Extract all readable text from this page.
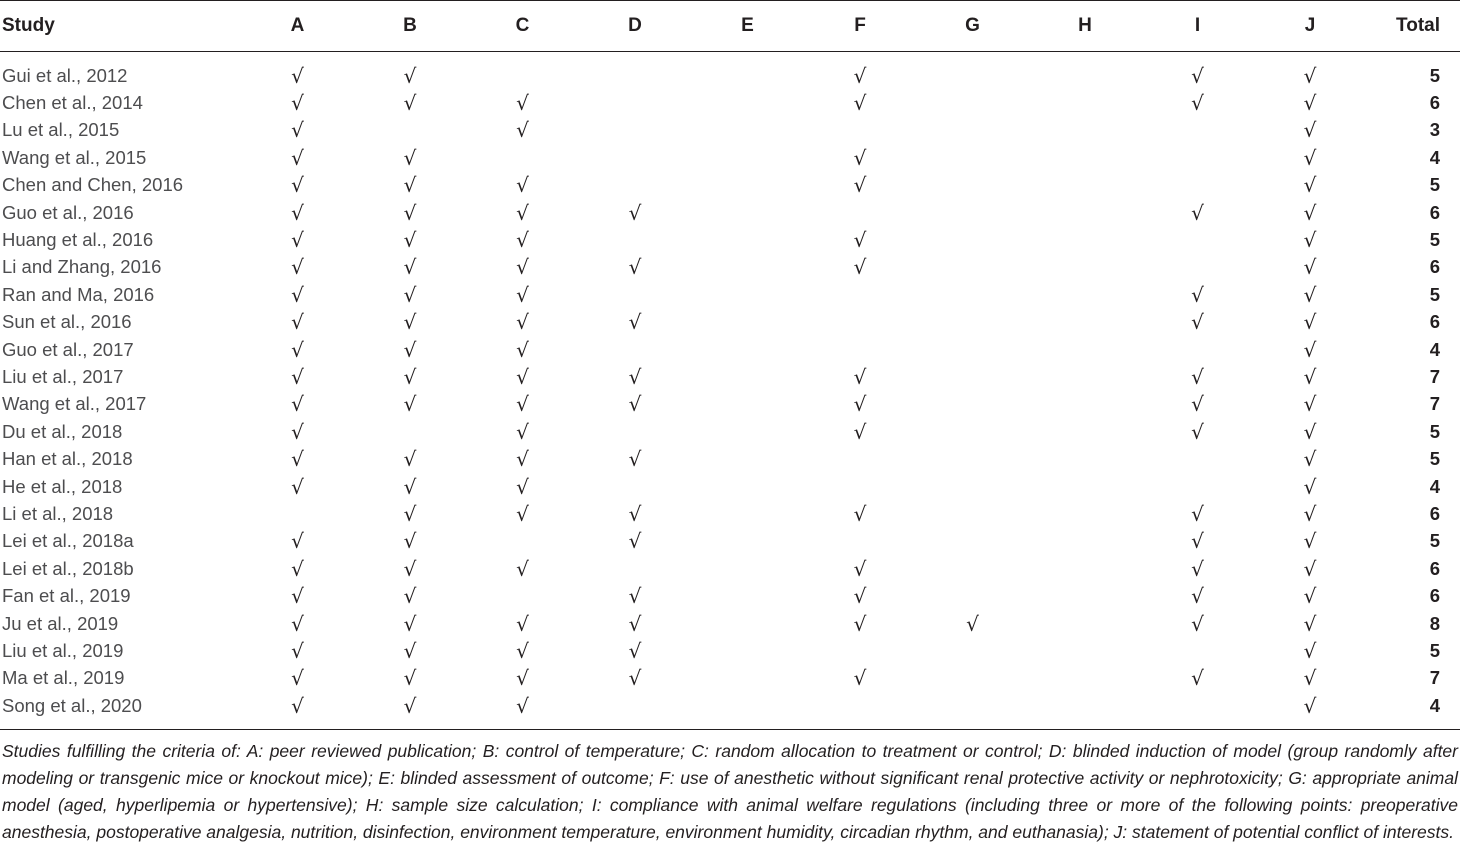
Study	A	B	C	D	E	F	G	H	I	J	Total
Gui et al., 2012	√	√				√			√	√	5
Chen et al., 2014	√	√	√			√			√	√	6
Lu et al., 2015	√		√							√	3
Wang et al., 2015	√	√				√				√	4
Chen and Chen, 2016	√	√	√			√				√	5
Guo et al., 2016	√	√	√	√					√	√	6
Huang et al., 2016	√	√	√			√				√	5
Li and Zhang, 2016	√	√	√	√		√				√	6
Ran and Ma, 2016	√	√	√						√	√	5
Sun et al., 2016	√	√	√	√					√	√	6
Guo et al., 2017	√	√	√							√	4
Liu et al., 2017	√	√	√	√		√			√	√	7
Wang et al., 2017	√	√	√	√		√			√	√	7
Du et al., 2018	√		√			√			√	√	5
Han et al., 2018	√	√	√	√						√	5
He et al., 2018	√	√	√							√	4
Li et al., 2018		√	√	√		√			√	√	6
Lei et al., 2018a	√	√		√					√	√	5
Lei et al., 2018b	√	√	√			√			√	√	6
Fan et al., 2019	√	√		√		√			√	√	6
Ju et al., 2019	√	√	√	√		√	√		√	√	8
Liu et al., 2019	√	√	√	√						√	5
Ma et al., 2019	√	√	√	√		√			√	√	7
Song et al., 2020	√	√	√							√	4
Studies fulfilling the criteria of: A: peer reviewed publication; B: control of temperature; C: random allocation to treatment or control; D: blinded induction of model (group randomly after modeling or transgenic mice or knockout mice); E: blinded assessment of outcome; F: use of anesthetic without significant renal protective activity or nephrotoxicity; G: appropriate animal model (aged, hyperlipemia or hypertensive); H: sample size calculation; I: compliance with animal welfare regulations (including three or more of the following points: preoperative anesthesia, postoperative analgesia, nutrition, disinfection, environment temperature, environment humidity, circadian rhythm, and euthanasia); J: statement of potential conflict of interests.
